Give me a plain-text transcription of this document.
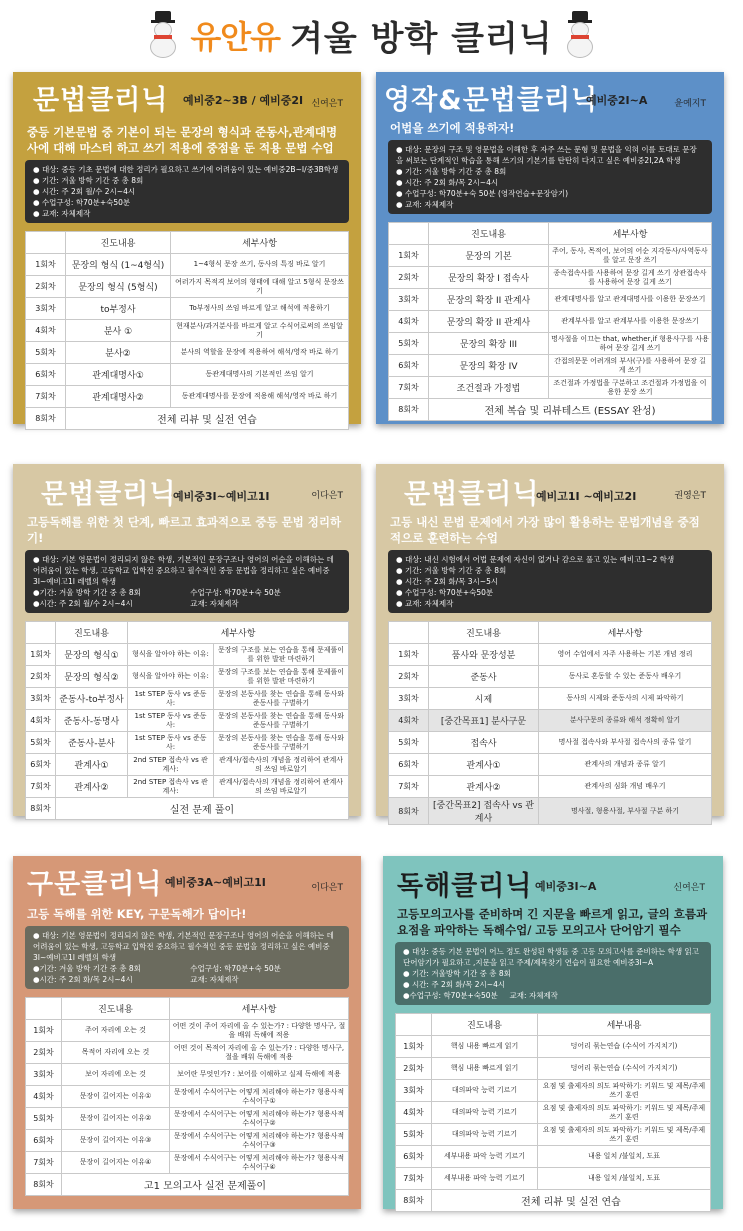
유안유 겨울 방학 클리닉
문법클리닉 예비중2~3B / 예비중2I 신여은T
중등 기본문법 중 기본이 되는 문장의 형식과 준동사,관계대명사에 대해 마스터 하고 쓰기 적용에 중점을 둔 적용 문법 수업
● 대상: 중등 기초 문법에 대한 정리가 필요하고 쓰기에 어려움이 있는 예비중2B~I/중3B학생
● 기간: 겨울 방학 기간 중 총 8회
● 시간: 주 2회 월/수 2시~4시
● 수업구성: 학70분+숙50분
● 교재: 자체제작
	진도내용	세부사항
1회차	문장의 형식 (1~4형식)	1~4형식 문장 쓰기, 동사의 특징 바로 알기
2회차	문장의 형식 (5형식)	여러가지 목적격 보어의 형태에 대해 알고 5형식 문장쓰기
3회차	to부정사	To부정사의 쓰임 바르게 알고 해석에 적용하기
4회차	분사 ①	현재분사/과거분사를 바르게 알고 수식어로써의 쓰임알기
5회차	분사②	분사의 역할을 문장에 적용하여 해석/영작 바로 하기
6회차	관계대명사①	동관계대명사의 기본적인 쓰임 알기
7회차	관계대명사②	동관계대명사를 문장에 적용해 해석/영작 바로 하기
8회차	전체 리뷰 및 실전 연습	
영작&문법클리닉
예비중2I~A	윤예지T
어법을 쓰기에 적용하자!
● 대상: 문장의 구조 및 영문법을 이해한 후 자주 쓰는 문형 및 문법을 익혀 이를 토대로 문장을 써보는 단계적인 학습을 통해 쓰기의 기본기를 탄탄히 다지고 싶은 예비중2I,2A 학생
● 기간: 겨울 방학 기간 중 총 8회
● 시간: 주 2회 화/목 2시~4시
● 수업구성: 학70분+숙 50분 (영작연습+문장암기)
● 교재: 자체제작
	진도내용	세부사항
1회차	문장의 기본	주어, 동사, 목적어, 보어의 어순 지각동사/사역동사를 알고 문장 쓰기
2회차	문장의 확장 I 접속사	종속접속사를 사용하여 문장 길게 쓰기 상관접속사를 사용하여 문장 길게 쓰기
3회차	문장의 확장 II 관계사	관계대명사를 알고 관계대명사를 이용한 문장쓰기
4회차	문장의 확장 II 관계사	관계부사를 알고 관계부사를 이용한 문장쓰기
5회차	문장의 확장 III	명사절을 이끄는 that, whether,if 형용사구를 사용하여 문장 길게 쓰기
6회차	문장의 확장 IV	간접의문문 어려개의 부사(구)를 사용하여 문장 길게 쓰기
7회차	조건절과 가정법	조건절과 가정법을 구분하고 조건절과 가정법을 이용한 문장 쓰기
8회차	전체 복습 및 리뷰테스트 (ESSAY 완성)	
문법클리닉
예비중3I~예비고1I	이다은T
고등독해를 위한 첫 단계, 빠르고 효과적으로 중등 문법 정리하기!
● 대상: 기본 영문법이 정리되지 않은 학생, 기본적인 문장구조나 영어의 어순을 이해하는 데 어려움이 있는 학생, 고등학교 입학전 중요하고 필수적인 중등 문법을 정리하고 싶은 예비중3I~예비고1I 레벨의 학생
● 기간: 겨울 방학 기간 중 총 8회	수업구성: 학70분+숙 50분
● 시간: 주 2회 월/수 2시~4시	교재: 자체제작
	진도내용	세부사항	
1회차	문장의 형식①	형식을 알아야 하는 이유:	문장의 구조를 보는 연습을 통해 문제풀이를 위한 발판 마련하기
2회차	문장의 형식②	형식을 알아야 하는 이유:	문장의 구조를 보는 연습을 통해 문제풀이를 위한 발판 마련하기
3회차	준동사-to부정사	1st STEP 동사 vs 준동사:	문장의 본동사를 찾는 연습을 통해 동사와 준동사를 구별하기
4회차	준동사-동명사	1st STEP 동사 vs 준동사:	문장의 본동사를 찾는 연습을 통해 동사와 준동사를 구별하기
5회차	준동사-분사	1st STEP 동사 vs 준동사:	문장의 본동사를 찾는 연습을 통해 동사와 준동사를 구별하기
6회차	관계사①	2nd STEP 접속사 vs 관계사:	관계사/접속사의 개념을 정리하여 관계사의 쓰임 바로알기
7회차	관계사②	2nd STEP 접속사 vs 관계사:	관계사/접속사의 개념을 정리하여 관계사의 쓰임 바로알기
8회차	실전 문제 풀이		
문법클리닉
예비고1I ~예비고2I	권영은T
고등 내신 문법 문제에서 가장 많이 활용하는 문법개념을 중점적으로 훈련하는 수업
● 대상: 내신 시험에서 어법 문제에 자신이 없거나 감으로 풀고 있는 예비고1~2 학생
● 기간: 겨울 방학 기간 중 총 8회
● 시간: 주 2회 화/목 3시~5시
● 수업구성: 학70분+숙50분
● 교재: 자체제작
	진도내용	세부사항
1회차	품사와 문장성분	영어 수업에서 자주 사용하는 기본 개념 정리
2회차	준동사	동사로 혼동할 수 있는 준동사 배우기
3회차	시제	동사의 시제와 준동사의 시제 파악하기
4회차	[중간목표1] 분사구문	분사구문의 종류와 해석 정확히 알기
5회차	접속사	명사절 접속사와 부사절 접속사의 종류 알기
6회차	관계사①	관계사의 개념과 종류 알기
7회차	관계사②	관계사의 심화 개념 배우기
8회차	[중간목표2] 접속사 vs 관계사	명사절, 형용사절, 부사절 구분 하기
구문클리닉 예비중3A~예비고1I	이다은T
고등 독해를 위한 KEY, 구문독해가 답이다!
● 대상: 기본 영문법이 정리되지 않은 학생, 기본적인 문장구조나 영어의 어순을 이해하는 데 어려움이 있는 학생, 고등학교 입학전 중요하고 필수적인 중등 문법을 정리하고 싶은 예비중3I~예비고1I 레벨의 학생
● 기간: 겨울 방학 기간 중 총 8회	수업구성: 학70분+숙 50분
● 시간: 주 2회 화/목 2시~4시	교재: 자체제작
	진도내용	세부사항
1회차	주어 자리에 오는 것	어떤 것이 주어 자리에 올 수 있는가? : 다양한 명사구, 절을 배워 독해에 적용
2회차	목적어 자리에 오는 것	어떤 것이 목적어 자리에 올 수 있는가? : 다양한 명사구, 절을 배워 독해에 적용
3회차	보어 자리에 오는 것	보어란 무엇인가? : 보어를 이해하고 실제 독해에 적용
4회차	문장이 길어지는 이유①	문장에서 수식어구는 어떻게 처리해야 하는가? 형용사적 수식어구①
5회차	문장이 길어지는 이유②	문장에서 수식어구는 어떻게 처리해야 하는가? 형용사적 수식어구②
6회차	문장이 길어지는 이유③	문장에서 수식어구는 어떻게 처리해야 하는가? 형용사적 수식어구③
7회차	문장이 길어지는 이유④	문장에서 수식어구는 어떻게 처리해야 하는가? 형용사적 수식어구④
8회차	고1 모의고사 실전 문제풀이	
독해클리닉 예비중3I~A	신여은T
고등모의고사를 준비하며 긴 지문을 빠르게 읽고, 글의 흐름과 요점을 파악하는 독해수업/ 고등 모의고사 단어암기 필수
● 대상: 중등 기본 문법이 어느 정도 완성된 학생들 중 고등 모의고사를 준비하는 학생 읽고 단어암기가 필요하고 ,지문을 읽고 주제/제목찾기 연습이 필요한 예비중3I~A
● 기간: 겨울방학 기간 중 총 8회
● 시간: 주 2회 화/목 2시~4시
● 수업구성: 학70분+숙50분	교재: 자체제작
	진도내용	세부내용
1회차	핵심 내용 빠르게 읽기	덩어리 묶는연습 (수식어 가지치기)
2회차	핵심 내용 빠르게 읽기	덩어리 묶는연습 (수식어 가지치기)
3회차	대의파악 능력 기르기	요점 및 출제자의 의도 파악하기: 키워드 및 제목/주제쓰기 훈련
4회차	대의파악 능력 기르기	요점 및 출제자의 의도 파악하기: 키워드 및 제목/주제쓰기 훈련
5회차	대의파악 능력 기르기	요점 및 출제자의 의도 파악하기: 키워드 및 제목/주제쓰기 훈련
6회차	세부내용 파악 능력 기르기	내용 일치 /불일치, 도표
7회차	세부내용 파악 능력 기르기	내용 일치 /불일치, 도표
8회차	전체 리뷰 및 실전 연습	
